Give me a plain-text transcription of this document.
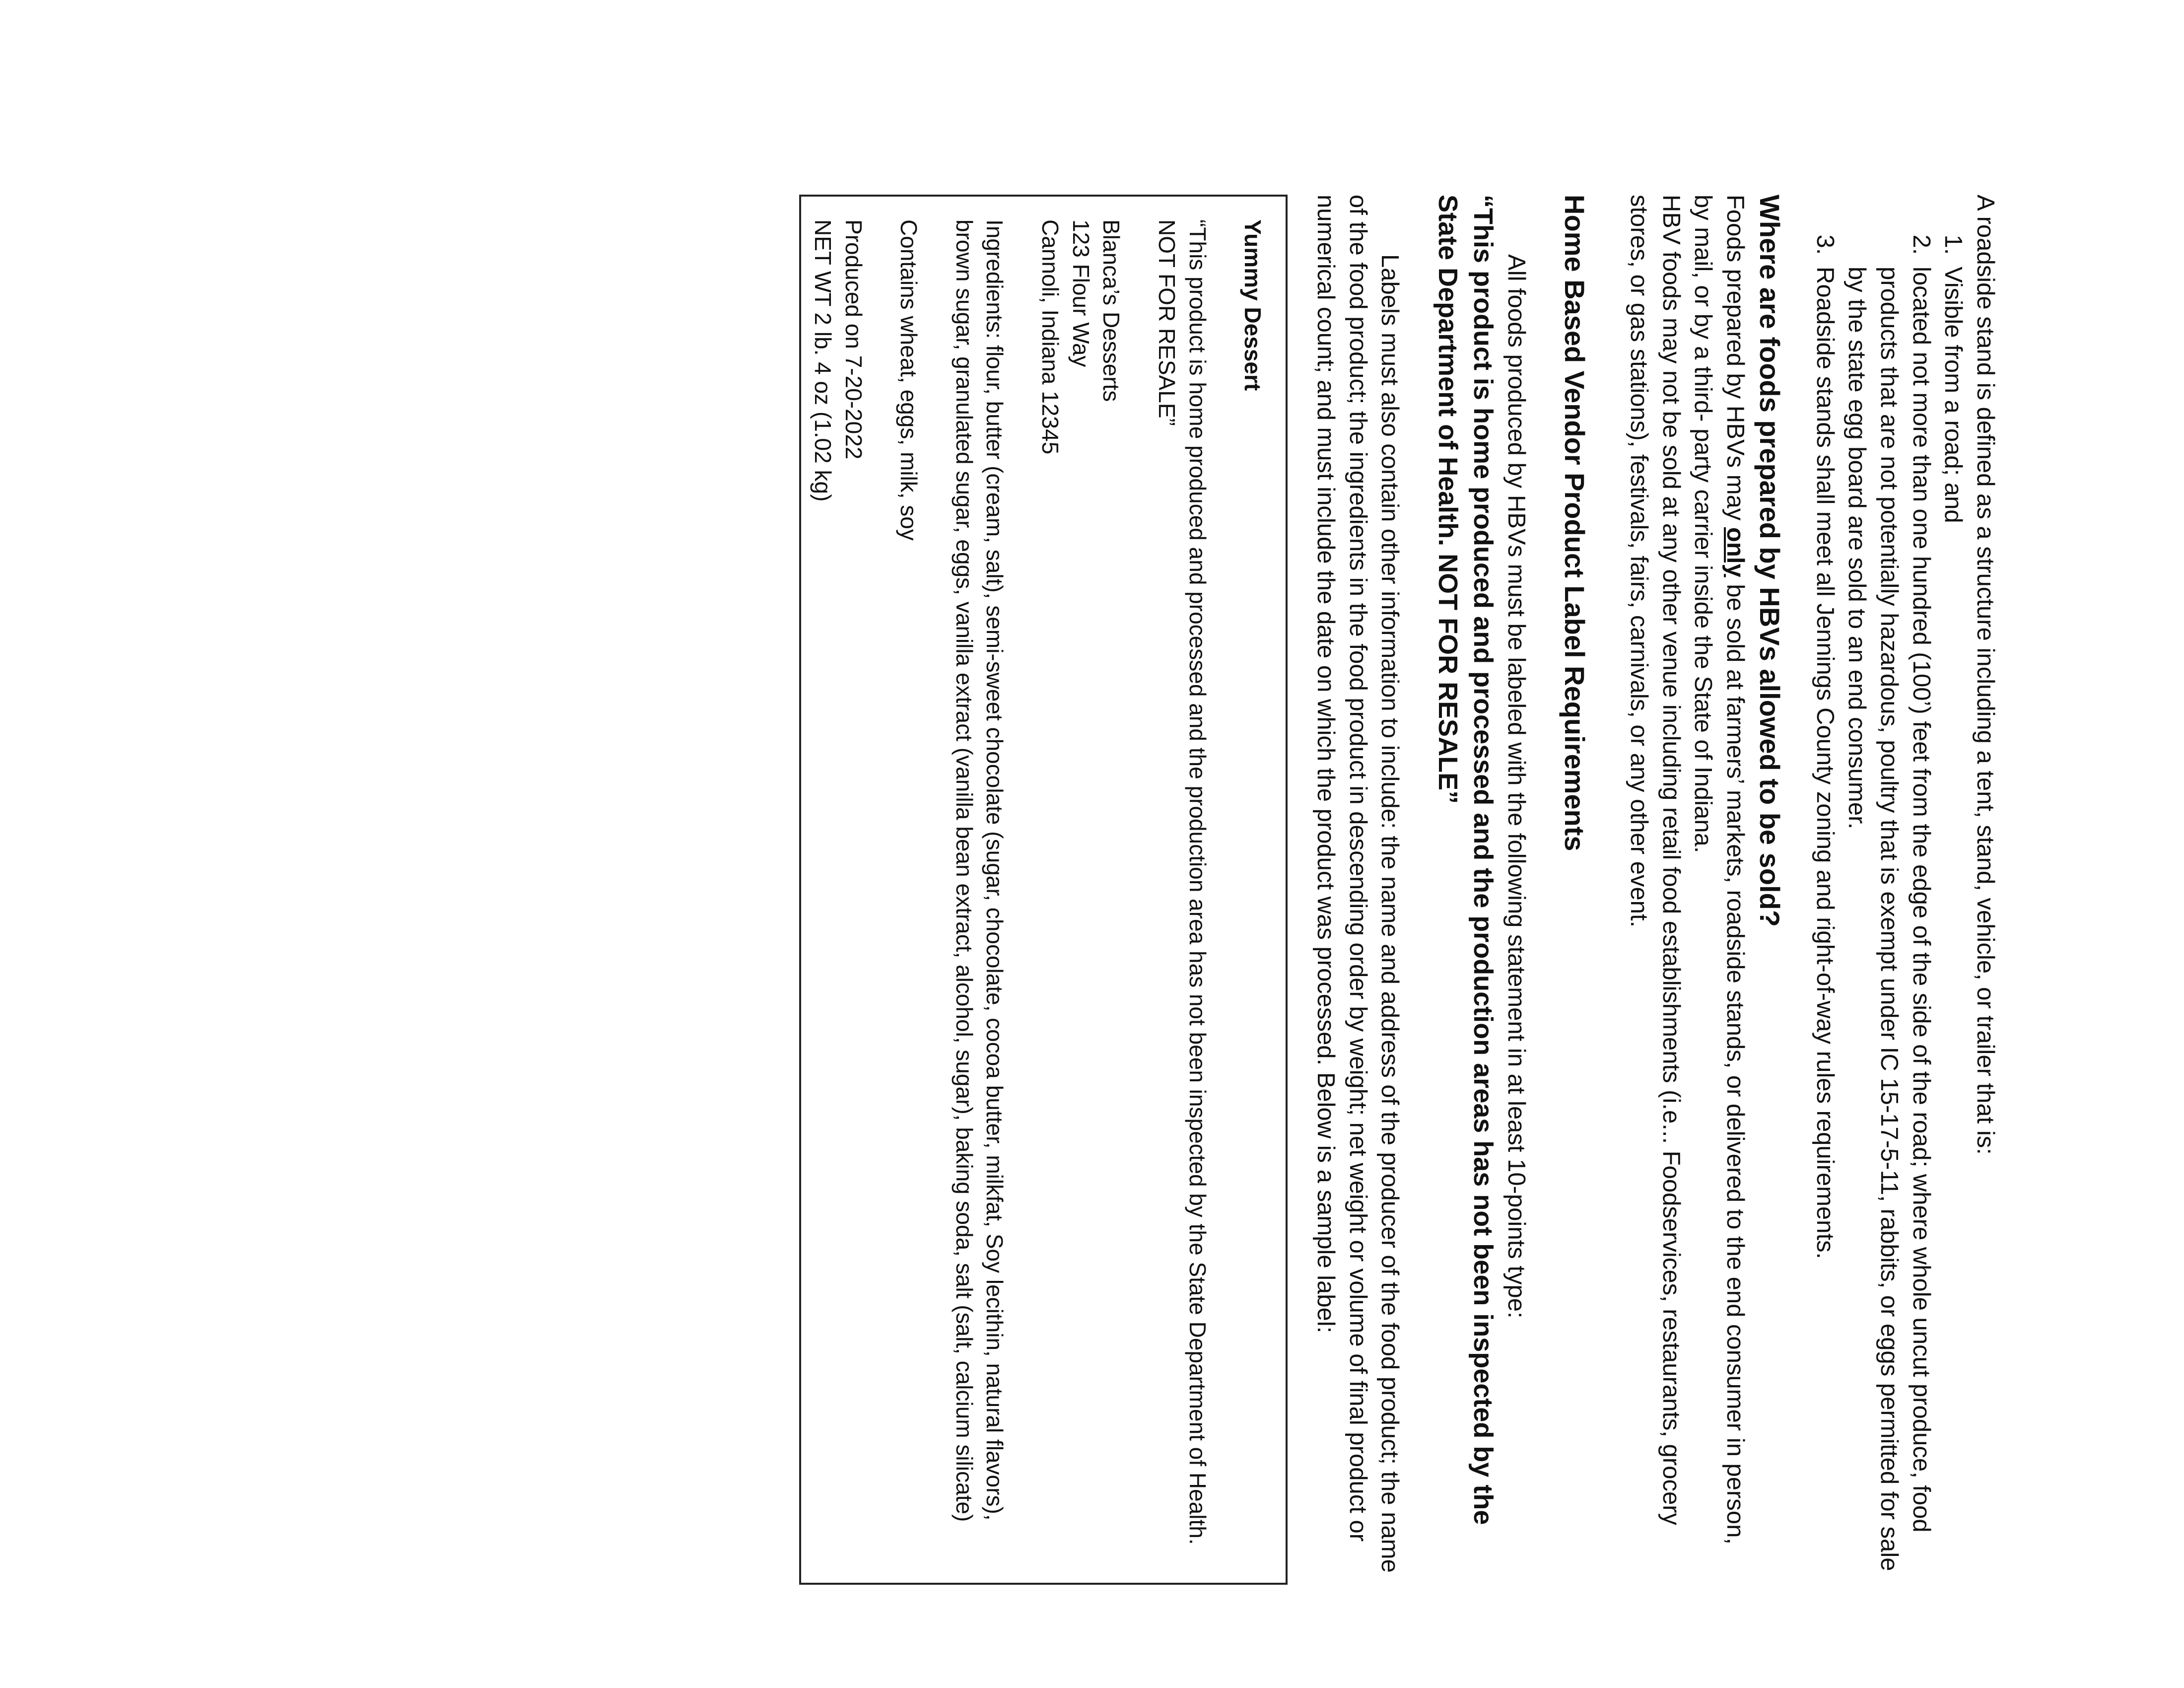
A roadside stand is defined as a structure including a tent, stand, vehicle, or trailer that is:

1. Visible from a road; and
2. located not more than one hundred (100’) feet from the edge of the side of the road; where whole uncut produce, food products that are not potentially hazardous, poultry that is exempt under IC 15-17-5-11, rabbits, or eggs permitted for sale by the state egg board are sold to an end consumer.
3. Roadside stands shall meet all Jennings County zoning and right-of-way rules requirements.

Where are foods prepared by HBVs allowed to be sold?

Foods prepared by HBVs may only be sold at farmers’ markets, roadside stands, or delivered to the end consumer in person, by mail, or by a third- party carrier inside the State of Indiana.

HBV foods may not be sold at any other venue including retail food establishments (i.e... Foodservices, restaurants, grocery stores, or gas stations), festivals, fairs, carnivals, or any other event.

Home Based Vendor Product Label Requirements

All foods produced by HBVs must be labeled with the following statement in at least 10-points type:

“This product is home produced and processed and the production areas has not been inspected by the State Department of Health. NOT FOR RESALE”

Labels must also contain other information to include: the name and address of the producer of the food product; the name of the food product; the ingredients in the food product in descending order by weight; net weight or volume of final product or numerical count; and must include the date on which the product was processed. Below is a sample label:

Yummy Dessert

“This product is home produced and processed and the production area has not been inspected by the State Department of Health. NOT FOR RESALE”

Blanca’s Desserts
123 Flour Way
Cannoli, Indiana 12345

Ingredients: flour, butter (cream, salt), semi-sweet chocolate (sugar, chocolate, cocoa butter, milkfat, Soy lecithin, natural flavors), brown sugar, granulated sugar, eggs, vanilla extract (vanilla bean extract, alcohol, sugar), baking soda, salt (salt, calcium silicate)

Contains wheat, eggs, milk, soy

Produced on 7-20-2022

NET WT 2 lb. 4 oz (1.02 kg)
